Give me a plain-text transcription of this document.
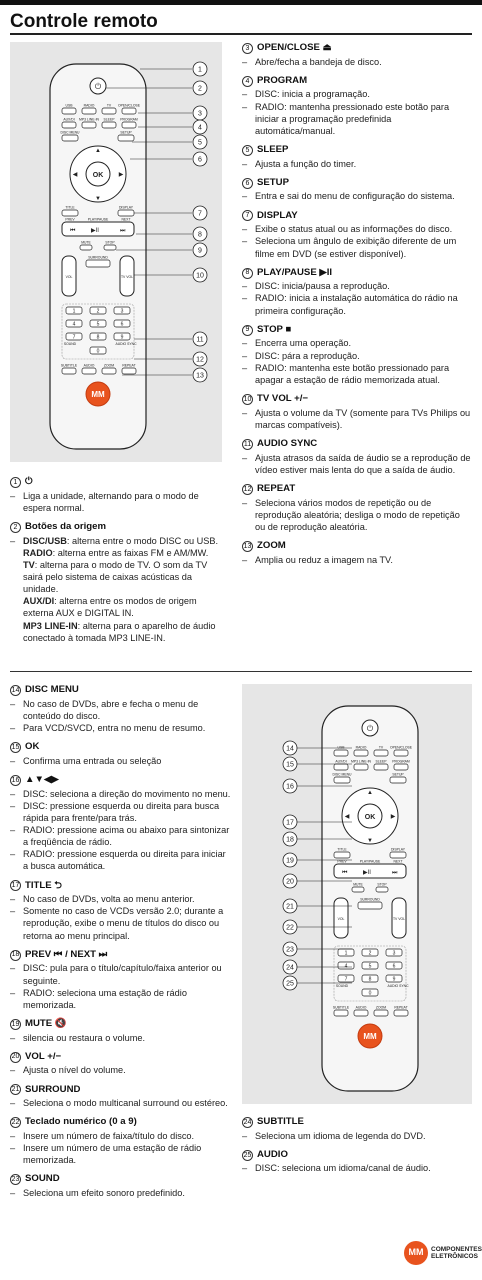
Controle remoto
⏻
USB	RADIO	TV OPEN/CLOSE
AUX/DI MP3 LINE-IN SLEEP PROGRAM
DISC MENU	SETUP
OK
▲
▼
◀	▶
TITLE	DISPLAY
⏮	▶II	⏭
PREV	PLAY/PAUSE	NEXT
MUTE	STOP
VOL
SURROUND
TV VOL
1	2	3
4	5	6
7	8	9
0
SUBTITLE AUDIO	ZOOM REPEAT
SOUND	AUDIO SYNC
MM
1
2
3
4
5
6
7
8
9
10
11
12
13
1 ⏻
– Liga a unidade, alternando para o modo de espera normal.
2 Botões da origem
– DISC/USB: alterna entre o modo DISC ou USB.
RADIO: alterna entre as faixas FM e AM/MW.
TV: alterna para o modo de TV. O som da TV sairá pelo sistema de caixas acústicas da unidade.
AUX/DI: alterna entre os modos de origem externa AUX e DIGITAL IN.
MP3 LINE-IN: alterna para o aparelho de áudio conectado à tomada MP3 LINE-IN.
3 OPEN/CLOSE ⏏
– Abre/fecha a bandeja de disco.
4 PROGRAM
– DISC: inicia a programação.
– RADIO: mantenha pressionado este botão para iniciar a programação predefinida automática/manual.
5 SLEEP
– Ajusta a função do timer.
6 SETUP
– Entra e sai do menu de configuração do sistema.
7 DISPLAY
– Exibe o status atual ou as informações do disco.
– Seleciona um ângulo de exibição diferente de um filme em DVD (se estiver disponível).
8 PLAY/PAUSE ▶II
– DISC: inicia/pausa a reprodução.
– RADIO: inicia a instalação automática do rádio na primeira configuração.
9 STOP ■
– Encerra uma operação.
– DISC: pára a reprodução.
– RADIO: mantenha este botão pressionado para apagar a estação de rádio memorizada atual.
10 TV VOL +/−
– Ajusta o volume da TV (somente para TVs Philips ou marcas compatíveis).
11 AUDIO SYNC
– Ajusta atrasos da saída de áudio se a reprodução de vídeo estiver mais lenta do que a saída de áudio.
12 REPEAT
– Seleciona vários modos de repetição ou de reprodução aleatória; desliga o modo de repetição ou de reprodução aleatória.
13 ZOOM
– Amplia ou reduz a imagem na TV.
14 DISC MENU
– No caso de DVDs, abre e fecha o menu de conteúdo do disco.
– Para VCD/SVCD, entra no menu de resumo.
15 OK
– Confirma uma entrada ou seleção
16 ▲▼◀▶
– DISC: seleciona a direção do movimento no menu.
– DISC: pressione esquerda ou direita para busca rápida para frente/para trás.
– RADIO: pressione acima ou abaixo para sintonizar a freqüência de rádio.
– RADIO: pressione esquerda ou direita para iniciar a busca automática.
17 TITLE ⮌
– No caso de DVDs, volta ao menu anterior.
– Somente no caso de VCDs versão 2.0; durante a reprodução, exibe o menu de títulos do disco ou retorna ao menu principal.
18 PREV ⏮ / NEXT ⏭
– DISC: pula para o título/capítulo/faixa anterior ou seguinte.
– RADIO: seleciona uma estação de rádio memorizada.
19 MUTE 🔇
– silencia ou restaura o volume.
20 VOL +/−
– Ajusta o nível do volume.
21 SURROUND
– Seleciona o modo multicanal surround ou estéreo.
22 Teclado numérico (0 a 9)
– Insere um número de faixa/título do disco.
– Insere um número de uma estação de rádio memorizada.
23 SOUND
– Seleciona um efeito sonoro predefinido.
⏻
USB	RADIO	TV OPEN/CLOSE
AUX/DI MP3 LINE-IN SLEEP PROGRAM
DISC MENU	SETUP
OK
▲
▼
◀	▶
TITLE	DISPLAY
⏮	▶II	⏭
PREV	PLAY/PAUSE	NEXT
MUTE	STOP
VOL
SURROUND
TV VOL
1	2	3
4	5	6
7	8	9
0
SUBTITLE AUDIO	ZOOM REPEAT
SOUND	AUDIO SYNC
MM
14
15
16
17
18
19
20
21
22
23
24
25
24 SUBTITLE
– Seleciona um idioma de legenda do DVD.
25 AUDIO
– DISC: seleciona um idioma/canal de áudio.
MM	COMPONENTES
ELETRÔNICOS
